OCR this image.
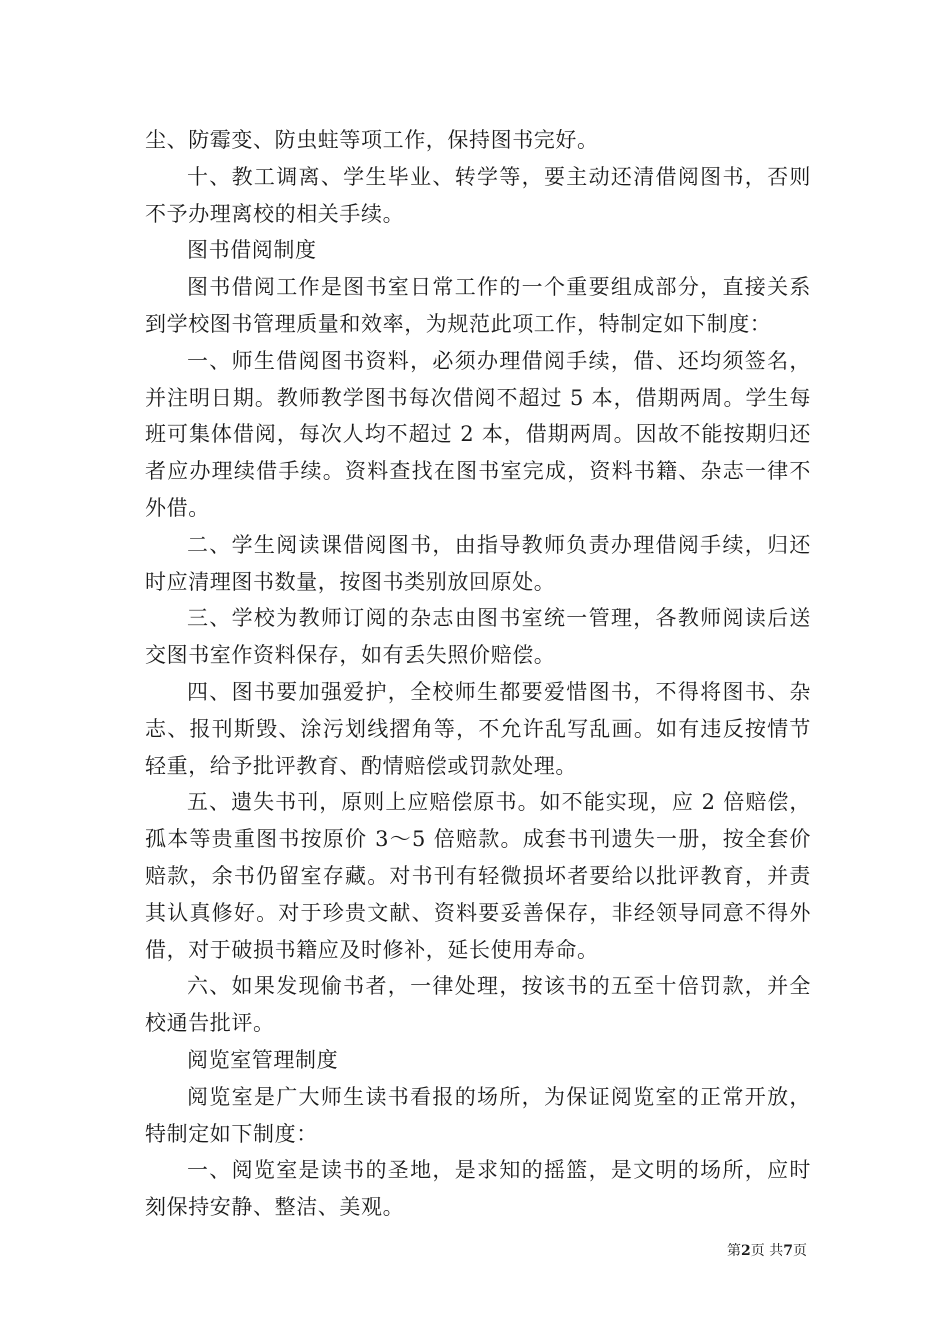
尘、防霉变、防虫蛀等项工作，保持图书完好。

十、教工调离、学生毕业、转学等，要主动还清借阅图书，否则不予办理离校的相关手续。

图书借阅制度

图书借阅工作是图书室日常工作的一个重要组成部分，直接关系到学校图书管理质量和效率，为规范此项工作，特制定如下制度：

一、师生借阅图书资料，必须办理借阅手续，借、还均须签名，并注明日期。教师教学图书每次借阅不超过 5 本，借期两周。学生每班可集体借阅，每次人均不超过 2 本，借期两周。因故不能按期归还者应办理续借手续。资料查找在图书室完成，资料书籍、杂志一律不外借。

二、学生阅读课借阅图书，由指导教师负责办理借阅手续，归还时应清理图书数量，按图书类别放回原处。

三、学校为教师订阅的杂志由图书室统一管理，各教师阅读后送交图书室作资料保存，如有丢失照价赔偿。

四、图书要加强爱护，全校师生都要爱惜图书，不得将图书、杂志、报刊斯毁、涂污划线摺角等，不允许乱写乱画。如有违反按情节轻重，给予批评教育、酌情赔偿或罚款处理。

五、遗失书刊，原则上应赔偿原书。如不能实现，应 2 倍赔偿，孤本等贵重图书按原价 3～5 倍赔款。成套书刊遗失一册，按全套价赔款，余书仍留室存藏。对书刊有轻微损坏者要给以批评教育，并责其认真修好。对于珍贵文献、资料要妥善保存，非经领导同意不得外借，对于破损书籍应及时修补，延长使用寿命。

六、如果发现偷书者，一律处理，按该书的五至十倍罚款，并全校通告批评。

阅览室管理制度

阅览室是广大师生读书看报的场所，为保证阅览室的正常开放，特制定如下制度：

一、阅览室是读书的圣地，是求知的摇篮，是文明的场所，应时刻保持安静、整洁、美观。

第2页 共7页
